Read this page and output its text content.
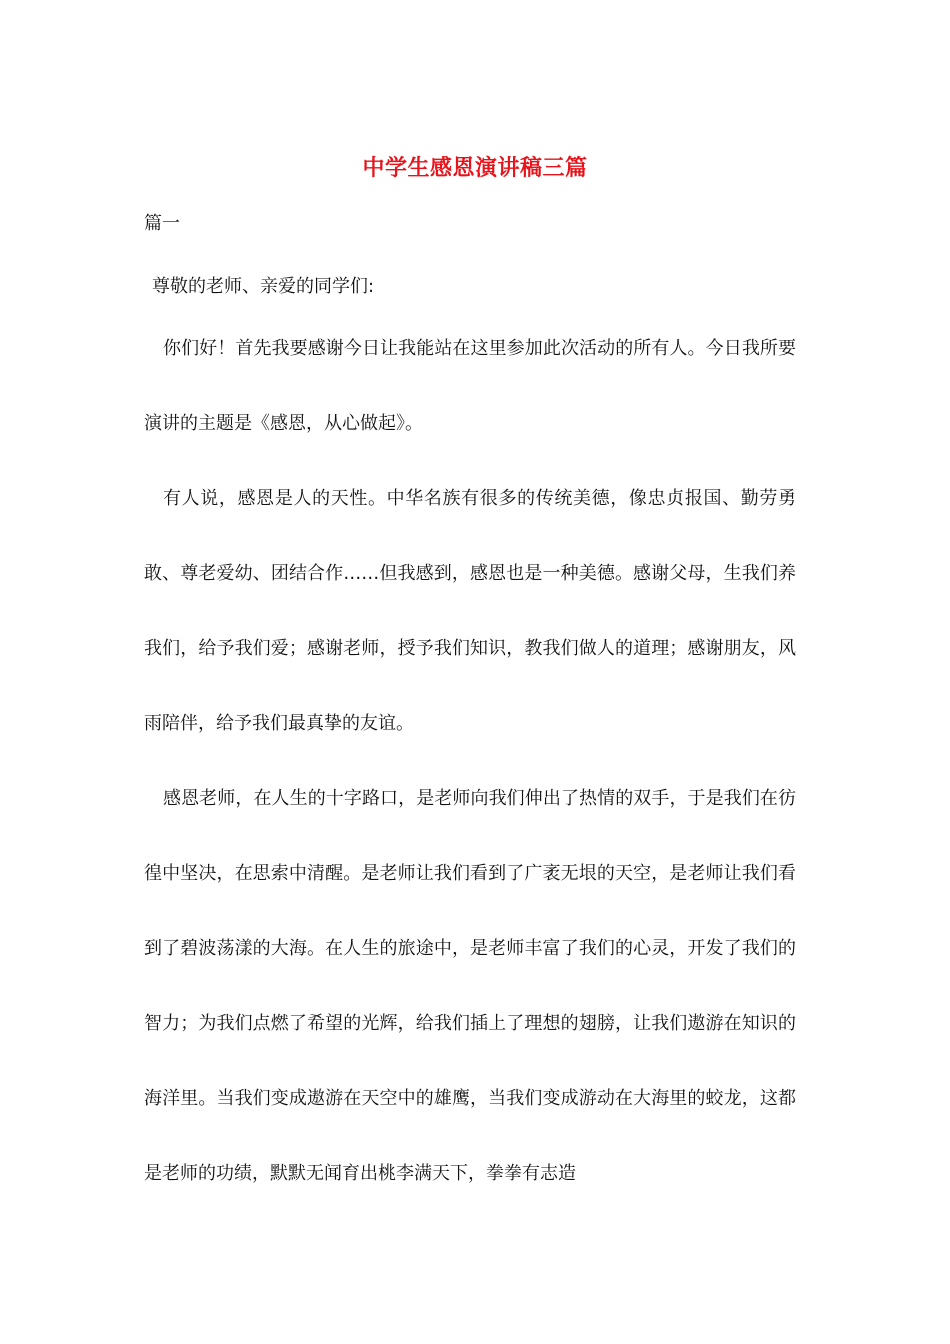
中学生感恩演讲稿三篇
篇一
尊敬的老师、亲爱的同学们:

你们好！首先我要感谢今日让我能站在这里参加此次活动的所有人。今日我所要演讲的主题是《感恩，从心做起》。

有人说，感恩是人的天性。中华名族有很多的传统美德，像忠贞报国、勤劳勇敢、尊老爱幼、团结合作……但我感到，感恩也是一种美德。感谢父母，生我们养我们，给予我们爱；感谢老师，授予我们知识，教我们做人的道理；感谢朋友，风雨陪伴，给予我们最真挚的友谊。

感恩老师，在人生的十字路口，是老师向我们伸出了热情的双手，于是我们在彷徨中坚决，在思索中清醒。是老师让我们看到了广袤无垠的天空，是老师让我们看到了碧波荡漾的大海。在人生的旅途中，是老师丰富了我们的心灵，开发了我们的智力；为我们点燃了希望的光辉，给我们插上了理想的翅膀，让我们遨游在知识的海洋里。当我们变成遨游在天空中的雄鹰，当我们变成游动在大海里的蛟龙，这都是老师的功绩，默默无闻育出桃李满天下，拳拳有志造
